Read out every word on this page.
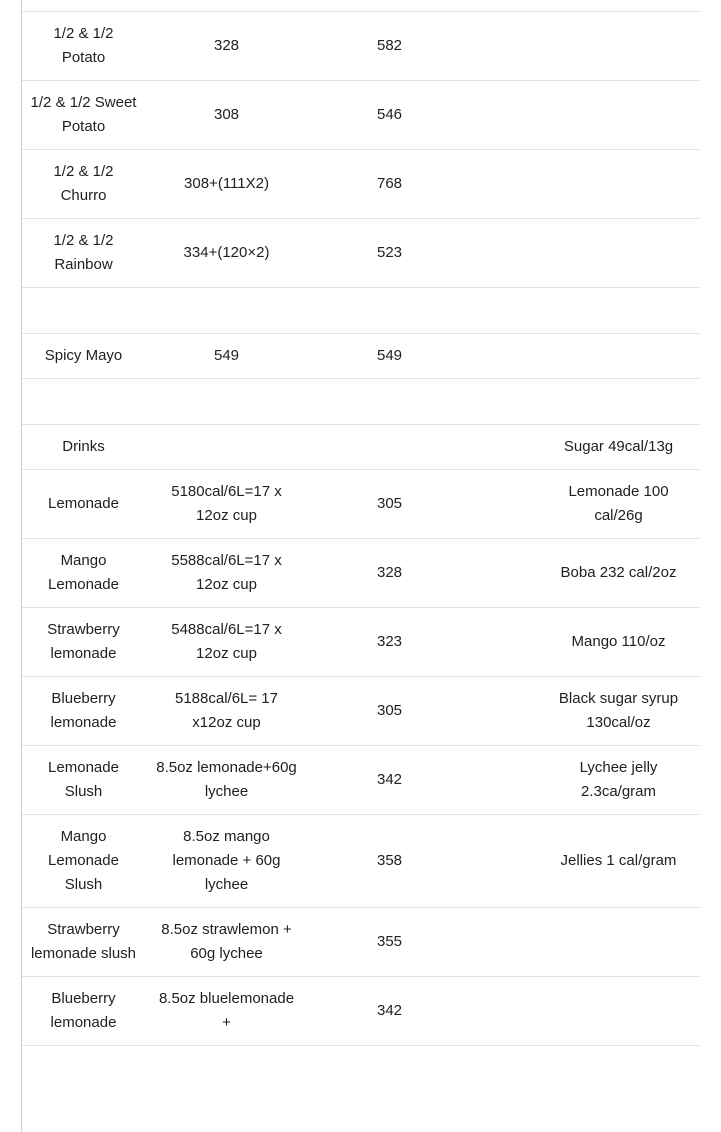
1/2 & 1/2 Potato	328	582		
1/2 & 1/2 Sweet Potato	308	546		
1/2 & 1/2 Churro	308+(111X2)	768		
1/2 & 1/2 Rainbow	334+(120×2)	523		

Spicy Mayo	549	549		

Drinks				Sugar 49cal/13g
Lemonade	5180cal/6L=17 x 12oz cup	305		Lemonade 100 cal/26g
Mango Lemonade	5588cal/6L=17 x 12oz cup	328		Boba 232 cal/2oz
Strawberry lemonade	5488cal/6L=17 x 12oz cup	323		Mango 110/oz
Blueberry lemonade	5188cal/6L= 17 x12oz cup	305		Black sugar syrup 130cal/oz
Lemonade Slush	8.5oz lemonade+60g lychee	342		Lychee jelly 2.3ca/gram
Mango Lemonade Slush	8.5oz mango lemonade + 60g lychee	358		Jellies 1 cal/gram
Strawberry lemonade slush	8.5oz strawlemon + 60g lychee	355		
Blueberry lemonade	8.5oz bluelemonade +	342		
